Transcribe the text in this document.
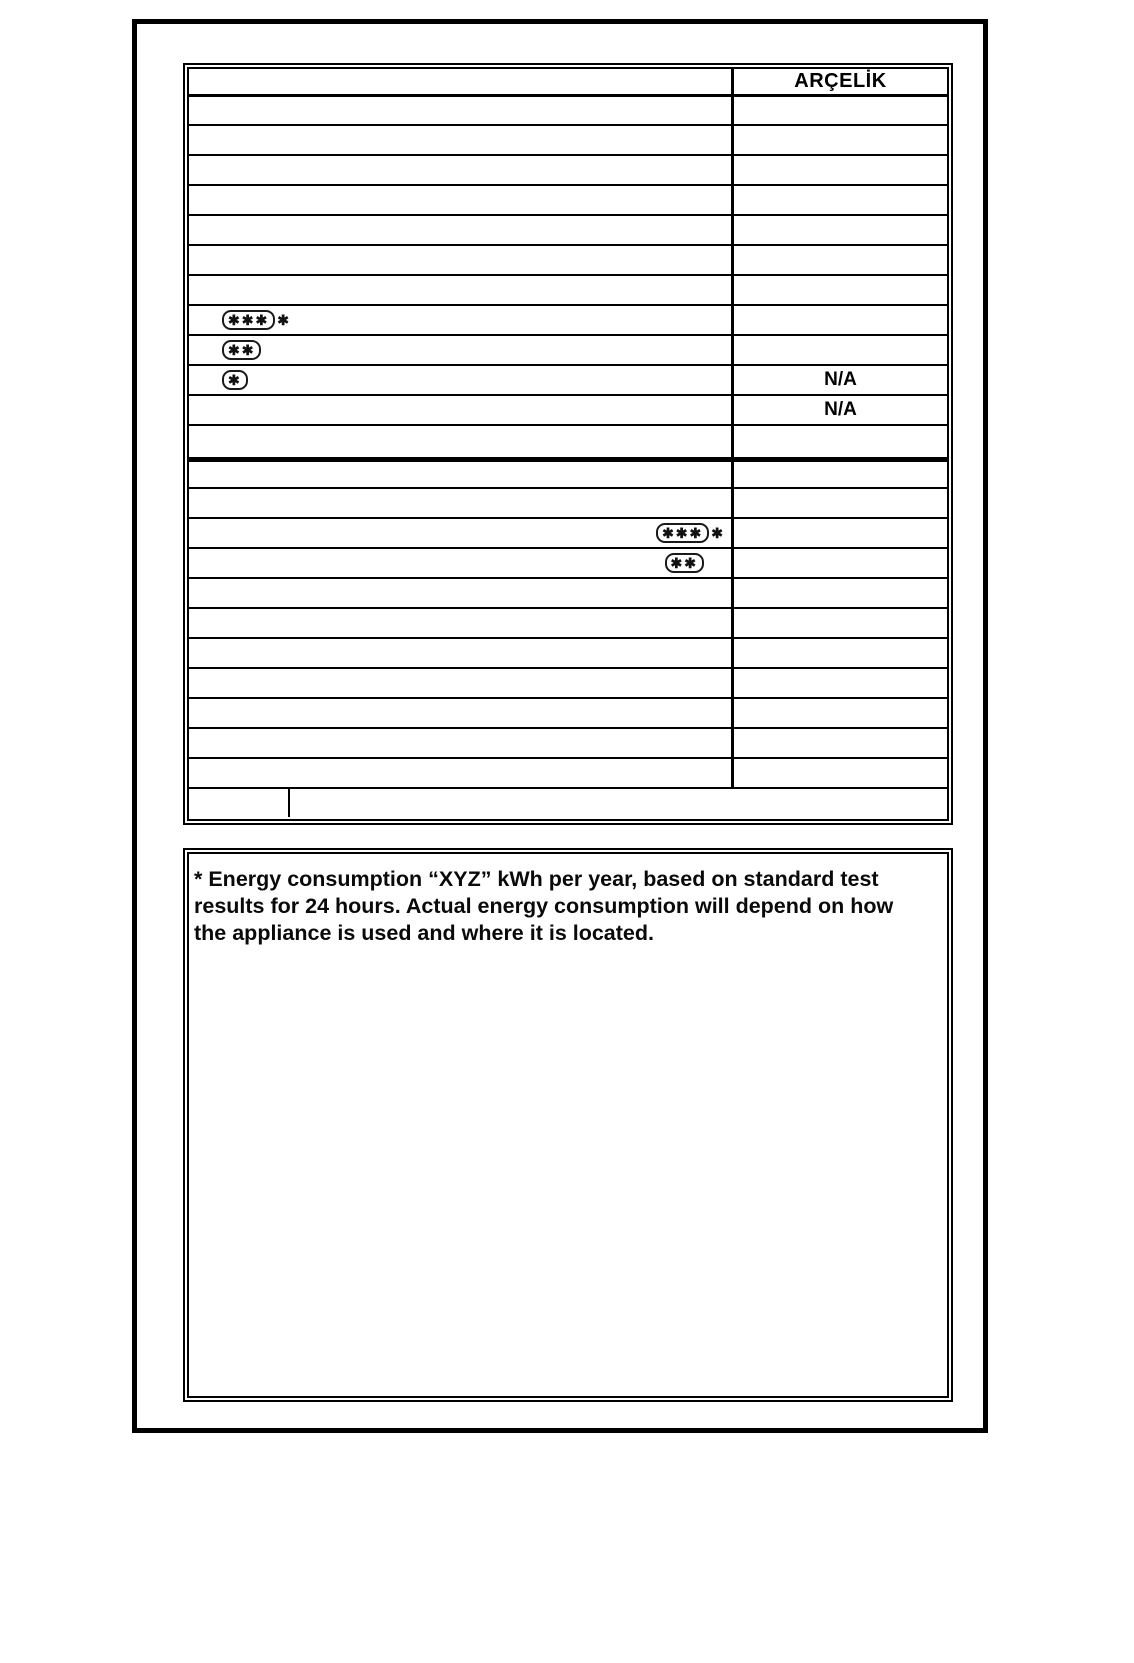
ARÇELİK
✱✱✱ ✱
✱✱
✱	N/A
N/A
✱✱✱ ✱
✱✱
* Energy consumption “XYZ” kWh per year, based on standard test
results for 24 hours. Actual energy consumption will depend on how
the appliance is used and where it is located.
